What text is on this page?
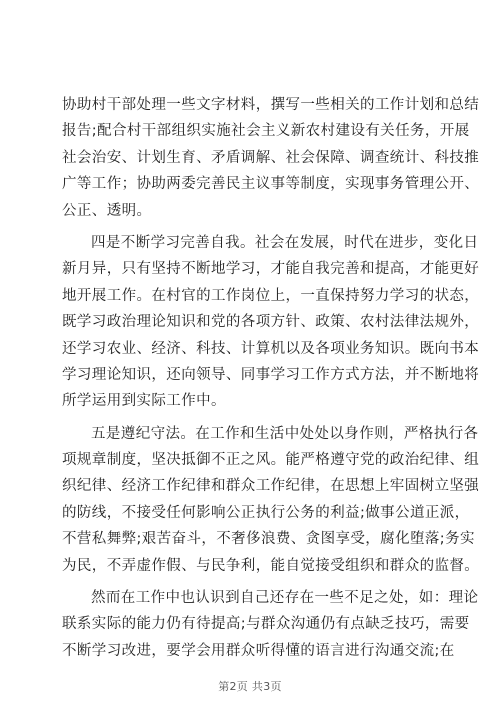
协助村干部处理一些文字材料，撰写一些相关的工作计划和总结
报告;配合村干部组织实施社会主义新农村建设有关任务，开展
社会治安、计划生育、矛盾调解、社会保障、调查统计、科技推
广等工作；协助两委完善民主议事等制度，实现事务管理公开、
公正、透明。
四是不断学习完善自我。社会在发展，时代在进步，变化日
新月异，只有坚持不断地学习，才能自我完善和提高，才能更好
地开展工作。在村官的工作岗位上，一直保持努力学习的状态，
既学习政治理论知识和党的各项方针、政策、农村法律法规外，
还学习农业、经济、科技、计算机以及各项业务知识。既向书本
学习理论知识，还向领导、同事学习工作方式方法，并不断地将
所学运用到实际工作中。
五是遵纪守法。在工作和生活中处处以身作则，严格执行各
项规章制度，坚决抵御不正之风。能严格遵守党的政治纪律、组
织纪律、经济工作纪律和群众工作纪律，在思想上牢固树立坚强
的防线，不接受任何影响公正执行公务的利益;做事公道正派，
不营私舞弊;艰苦奋斗，不奢侈浪费、贪图享受，腐化堕落;务实
为民，不弄虚作假、与民争利，能自觉接受组织和群众的监督。
然而在工作中也认识到自己还存在一些不足之处，如：理论
联系实际的能力仍有待提高;与群众沟通仍有点缺乏技巧，需要
不断学习改进，要学会用群众听得懂的语言进行沟通交流;在
第2页 共3页
